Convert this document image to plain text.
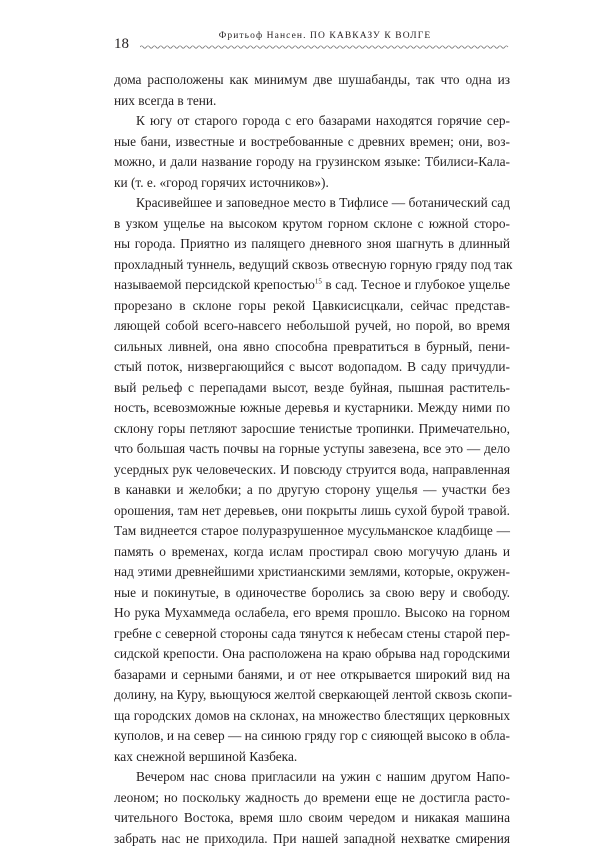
18	Фритьоф Нансен. ПО КАВКАЗУ К ВОЛГЕ

дома расположены как минимум две шушабанды, так что одна из
них всегда в тени.

К югу от старого города с его базарами находятся горячие сер-
ные бани, известные и востребованные с древних времен; они, воз-
можно, и дали название городу на грузинском языке: Тбилиси-Кала-
ки (т. е. «город горячих источников»).

Красивейшее и заповедное место в Тифлисе — ботанический сад
в узком ущелье на высоком крутом горном склоне с южной сторо-
ны города. Приятно из палящего дневного зноя шагнуть в длинный
прохладный туннель, ведущий сквозь отвесную горную гряду под так
называемой персидской крепостью$^{15}$ в сад. Тесное и глубокое ущелье
прорезано в склоне горы рекой Цавкисисцкали, сейчас представ-
ляющей собой всего-навсего небольшой ручей, но порой, во время
сильных ливней, она явно способна превратиться в бурный, пени-
стый поток, низвергающийся с высот водопадом. В саду причудли-
вый рельеф с перепадами высот, везде буйная, пышная раститель-
ность, всевозможные южные деревья и кустарники. Между ними по
склону горы петляют заросшие тенистые тропинки. Примечательно,
что большая часть почвы на горные уступы завезена, все это — дело
усердных рук человеческих. И повсюду струится вода, направленная
в канавки и желобки; а по другую сторону ущелья — участки без
орошения, там нет деревьев, они покрыты лишь сухой бурой травой.
Там виднеется старое полуразрушенное мусульманское кладбище —
память о временах, когда ислам простирал свою могучую длань и
над этими древнейшими христианскими землями, которые, окружен-
ные и покинутые, в одиночестве боролись за свою веру и свободу.
Но рука Мухаммеда ослабела, его время прошло. Высоко на горном
гребне с северной стороны сада тянутся к небесам стены старой пер-
сидской крепости. Она расположена на краю обрыва над городскими
базарами и серными банями, и от нее открывается широкий вид на
долину, на Куру, вьющуюся желтой сверкающей лентой сквозь скопи-
ща городских домов на склонах, на множество блестящих церковных
куполов, и на север — на синюю гряду гор с сияющей высоко в обла-
ках снежной вершиной Казбека.

Вечером нас снова пригласили на ужин с нашим другом Напо-
леоном; но поскольку жадность до времени еще не достигла расто-
чительного Востока, время шло своим чередом и никакая машина
забрать нас не приходила. При нашей западной нехватке смирения
